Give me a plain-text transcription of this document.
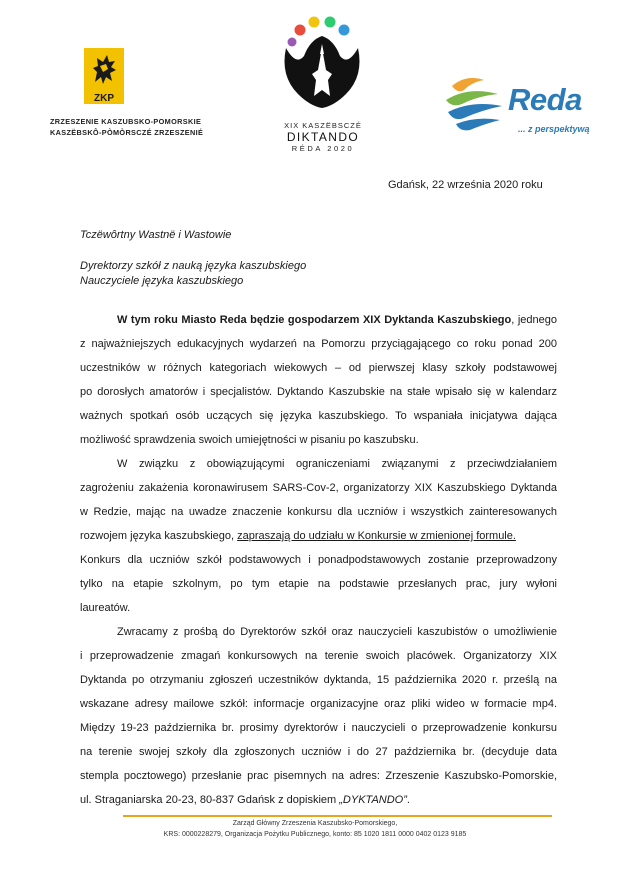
ZKP
ZRZESZENIE KASZUBSKO-POMORSKIE
KASZËBSKÔ-PÒMÒRSCZÉ ZRZESZENIÉ
XIX KASZËBSCZÉ
DIKTANDO
RÉDA 2020
Reda
... z perspektywą
Gdańsk, 22 września 2020 roku
Tczëwôrtny Wastnë i Wastowie
Dyrektorzy szkół z nauką języka kaszubskiego
Nauczyciele języka kaszubskiego
W tym roku Miasto Reda będzie gospodarzem XIX Dyktanda Kaszubskiego, jednego
z najważniejszych edukacyjnych wydarzeń na Pomorzu przyciągającego co roku ponad 200
uczestników w różnych kategoriach wiekowych – od pierwszej klasy szkoły podstawowej
po dorosłych amatorów i specjalistów. Dyktando Kaszubskie na stałe wpisało się w kalendarz
ważnych spotkań osób uczących się języka kaszubskiego. To wspaniała inicjatywa dająca
możliwość sprawdzenia swoich umiejętności w pisaniu po kaszubsku.
W związku z obowiązującymi ograniczeniami związanymi z przeciwdziałaniem
zagrożeniu zakażenia koronawirusem SARS-Cov-2, organizatorzy XIX Kaszubskiego Dyktanda
w Redzie, mając na uwadze znaczenie konkursu dla uczniów i wszystkich zainteresowanych
rozwojem języka kaszubskiego, zapraszają do udziału w Konkursie w zmienionej formule.
Konkurs dla uczniów szkół podstawowych i ponadpodstawowych zostanie przeprowadzony
tylko na etapie szkolnym, po tym etapie na podstawie przesłanych prac, jury wyłoni
laureatów.
Zwracamy z prośbą do Dyrektorów szkół oraz nauczycieli kaszubistów o umożliwienie
i przeprowadzenie zmagań konkursowych na terenie swoich placówek. Organizatorzy XIX
Dyktanda po otrzymaniu zgłoszeń uczestników dyktanda, 15 października 2020 r. prześlą na
wskazane adresy mailowe szkół: informacje organizacyjne oraz pliki wideo w formacie mp4.
Między 19-23 października br. prosimy dyrektorów i nauczycieli o przeprowadzenie konkursu
na terenie swojej szkoły dla zgłoszonych uczniów i do 27 października br. (decyduje data
stempla pocztowego) przesłanie prac pisemnych na adres: Zrzeszenie Kaszubsko-Pomorskie,
ul. Straganiarska 20-23, 80-837 Gdańsk z dopiskiem „DYKTANDO”.
Zarząd Główny Zrzeszenia Kaszubsko-Pomorskiego,
KRS: 0000228279, Organizacja Pożytku Publicznego, konto: 85 1020 1811 0000 0402 0123 9185
